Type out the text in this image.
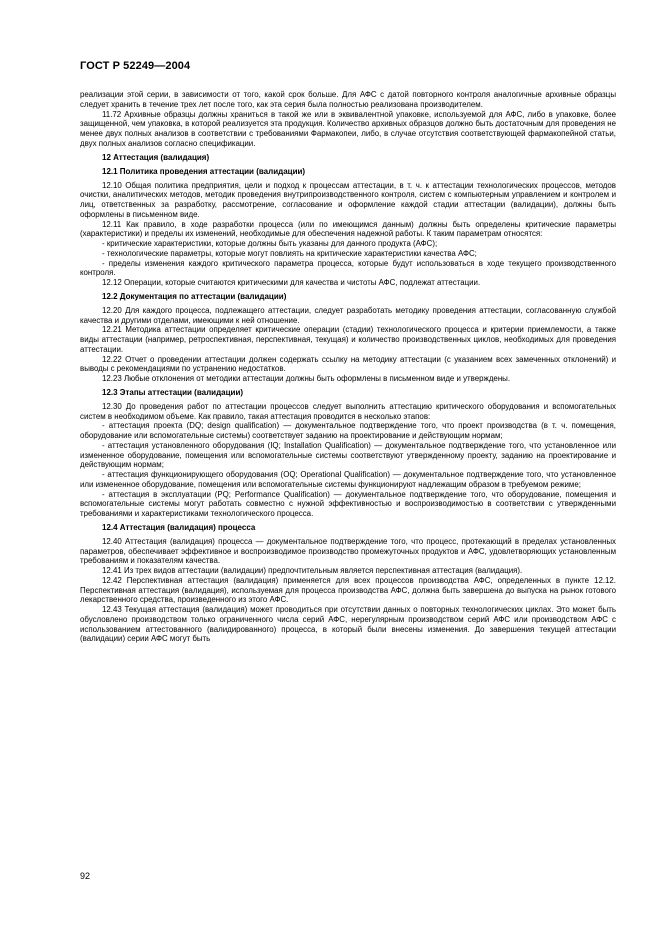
ГОСТ Р 52249—2004

реализации этой серии, в зависимости от того, какой срок больше. Для АФС с датой повторного контроля аналогичные архивные образцы следует хранить в течение трех лет после того, как эта серия была полностью реализована производителем.

11.72 Архивные образцы должны храниться в такой же или в эквивалентной упаковке, используемой для АФС, либо в упаковке, более защищенной, чем упаковка, в которой реализуется эта продукция. Количество архивных образцов должно быть достаточным для проведения не менее двух полных анализов в соответствии с требованиями Фармакопеи, либо, в случае отсутствия соответствующей фармакопейной статьи, двух полных анализов согласно спецификации.

12 Аттестация (валидация)
12.1 Политика проведения аттестации (валидации)

12.10 Общая политика предприятия, цели и подход к процессам аттестации, в т. ч. к аттестации технологических процессов, методов очистки, аналитических методов, методик проведения внутрипроизводственного контроля, систем с компьютерным управлением и контролем и лиц, ответственных за разработку, рассмотрение, согласование и оформление каждой стадии аттестации (валидации), должны быть оформлены в письменном виде.

12.11 Как правило, в ходе разработки процесса (или по имеющимся данным) должны быть определены критические параметры (характеристики) и пределы их изменений, необходимые для обеспечения надежной работы. К таким параметрам относятся:

- критические характеристики, которые должны быть указаны для данного продукта (АФС);

- технологические параметры, которые могут повлиять на критические характеристики качества АФС;

- пределы изменения каждого критического параметра процесса, которые будут использоваться в ходе текущего производственного контроля.

12.12 Операции, которые считаются критическими для качества и чистоты АФС, подлежат аттестации.

12.2 Документация по аттестации (валидации)

12.20 Для каждого процесса, подлежащего аттестации, следует разработать методику проведения аттестации, согласованную службой качества и другими отделами, имеющими к ней отношение.

12.21 Методика аттестации определяет критические операции (стадии) технологического процесса и критерии приемлемости, а также виды аттестации (например, ретроспективная, перспективная, текущая) и количество производственных циклов, необходимых для проведения аттестации.

12.22 Отчет о проведении аттестации должен содержать ссылку на методику аттестации (с указанием всех замеченных отклонений) и выводы с рекомендациями по устранению недостатков.

12.23 Любые отклонения от методики аттестации должны быть оформлены в письменном виде и утверждены.

12.3 Этапы аттестации (валидации)

12.30 До проведения работ по аттестации процессов следует выполнить аттестацию критического оборудования и вспомогательных систем в необходимом объеме. Как правило, такая аттестация проводится в несколько этапов:

- аттестация проекта (DQ; design qualification) — документальное подтверждение того, что проект производства (в т. ч. помещения, оборудование или вспомогательные системы) соответствует заданию на проектирование и действующим нормам;

- аттестация установленного оборудования (IQ; Installation Qualification) — документальное подтверждение того, что установленное или измененное оборудование, помещения или вспомогательные системы соответствуют утвержденному проекту, заданию на проектирование и действующим нормам;

- аттестация функционирующего оборудования (OQ; Operational Qualification) — документальное подтверждение того, что установленное или измененное оборудование, помещения или вспомогательные системы функционируют надлежащим образом в требуемом режиме;

- аттестация в эксплуатации (PQ; Performance Qualification) — документальное подтверждение того, что оборудование, помещения и вспомогательные системы могут работать совместно с нужной эффективностью и воспроизводимостью в соответствии с утвержденными требованиями и характеристиками технологического процесса.

12.4 Аттестация (валидация) процесса

12.40 Аттестация (валидация) процесса — документальное подтверждение того, что процесс, протекающий в пределах установленных параметров, обеспечивает эффективное и воспроизводимое производство промежуточных продуктов и АФС, удовлетворяющих установленным требованиям и показателям качества.

12.41 Из трех видов аттестации (валидации) предпочтительным является перспективная аттестация (валидация).

12.42 Перспективная аттестация (валидация) применяется для всех процессов производства АФС, определенных в пункте 12.12. Перспективная аттестация (валидация), используемая для процесса производства АФС, должна быть завершена до выпуска на рынок готового лекарственного средства, произведенного из этого АФС.

12.43 Текущая аттестация (валидация) может проводиться при отсутствии данных о повторных технологических циклах. Это может быть обусловлено производством только ограниченного числа серий АФС, нерегулярным производством серий АФС или производством АФС с использованием аттестованного (валидированного) процесса, в который были внесены изменения. До завершения текущей аттестации (валидации) серии АФС могут быть

92
